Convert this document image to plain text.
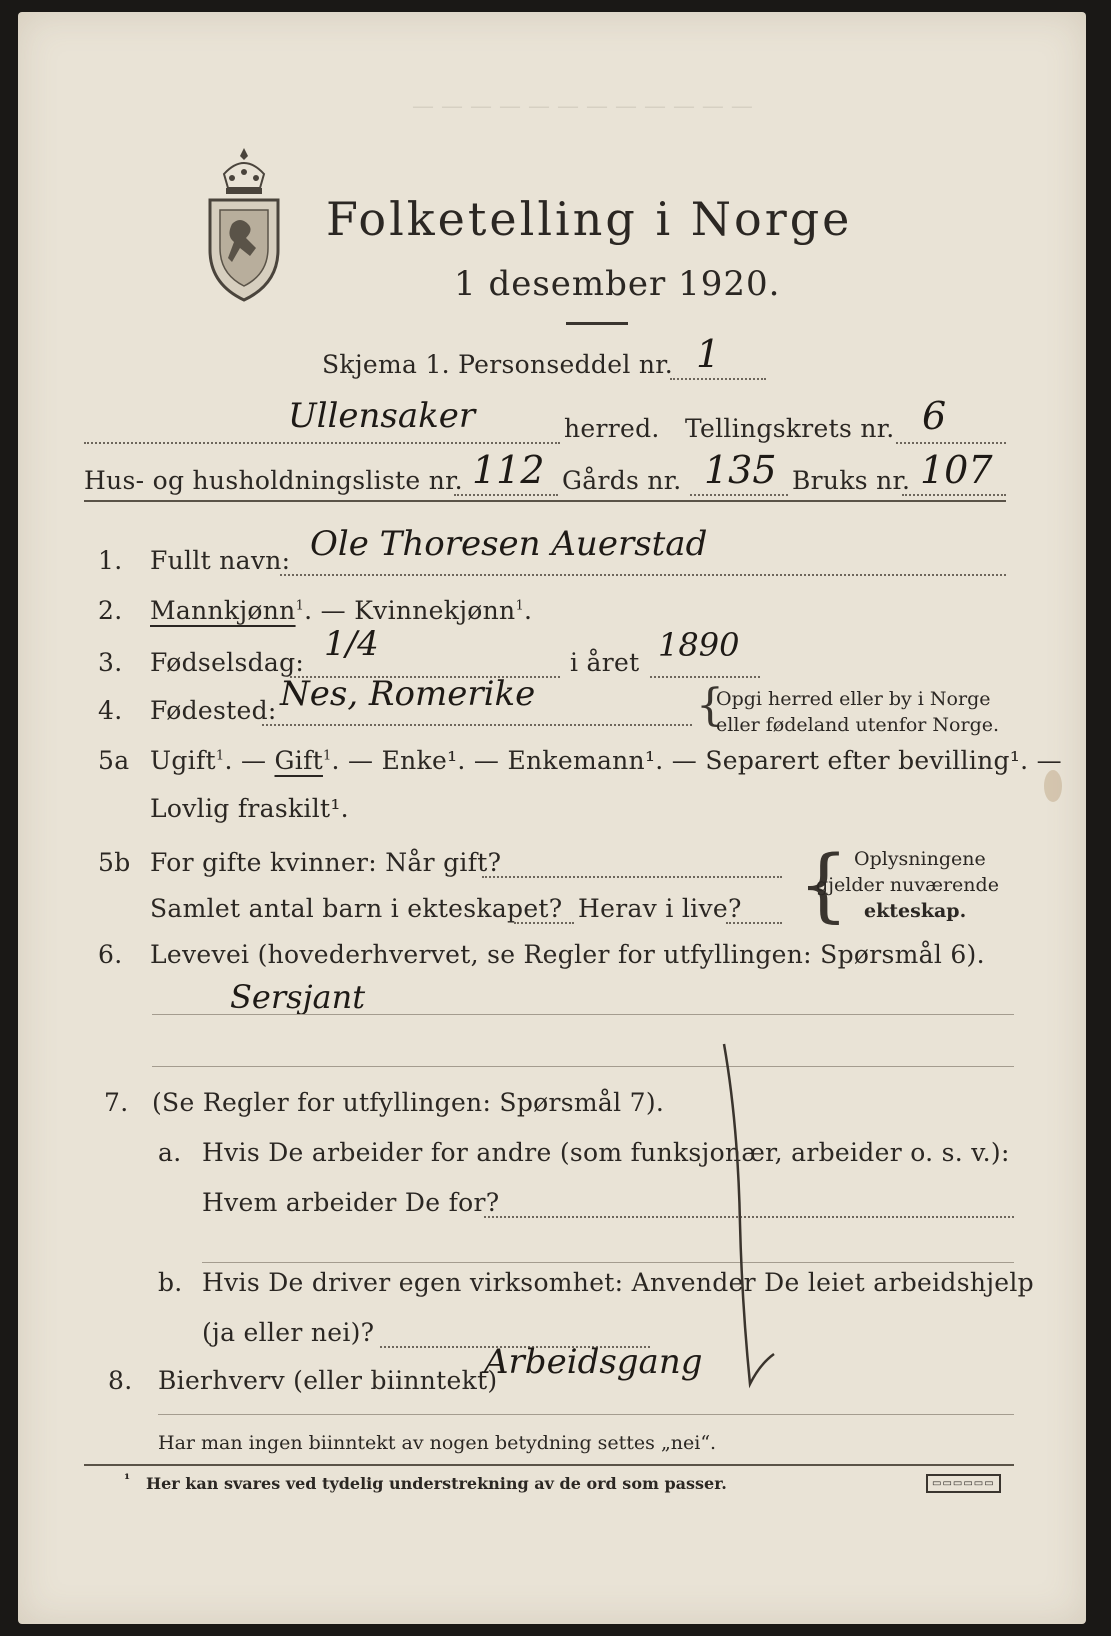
Folketelling i Norge
1 desember 1920.
— — — — — — — — — — — —
Skjema 1. Personseddel nr. 1
Ullensaker	herred. Tellingskrets nr. 6
Hus- og husholdningsliste nr. 112 Gårds nr. 135 Bruks nr. 107
1. Fullt navn: Ole Thoresen Auerstad
2. Mannkjønn$^1$. — Kvinnekjønn$^1$.
3. Fødselsdag: 1/4	i året 1890
4. Fødested: Nes, Romerike	{
Opgi herred eller by i Norge
eller fødeland utenfor Norge.
5a Ugift$^1$. — Gift$^1$. — Enke¹. — Enkemann¹. — Separert efter bevilling¹. —
Lovlig fraskilt¹.
5b For gifte kvinner: Når gift?
Samlet antal barn i ekteskapet? Herav i live? { Oplysningene
gjelder nuværende
ekteskap.
6. Levevei (hovederhvervet, se Regler for utfyllingen: Spørsmål 6).
Sersjant
7. (Se Regler for utfyllingen: Spørsmål 7).
a. Hvis De arbeider for andre (som funksjonær, arbeider o. s. v.):
Hvem arbeider De for?
b. Hvis De driver egen virksomhet: Anvender De leiet arbeidshjelp
(ja eller nei)?
8. Bierhverv (eller biinntekt)
Arbeidsgang
Har man ingen biinntekt av nogen betydning settes „nei“.
¹ Her kan svares ved tydelig understrekning av de ord som passer.	▭▭▭▭▭▭
